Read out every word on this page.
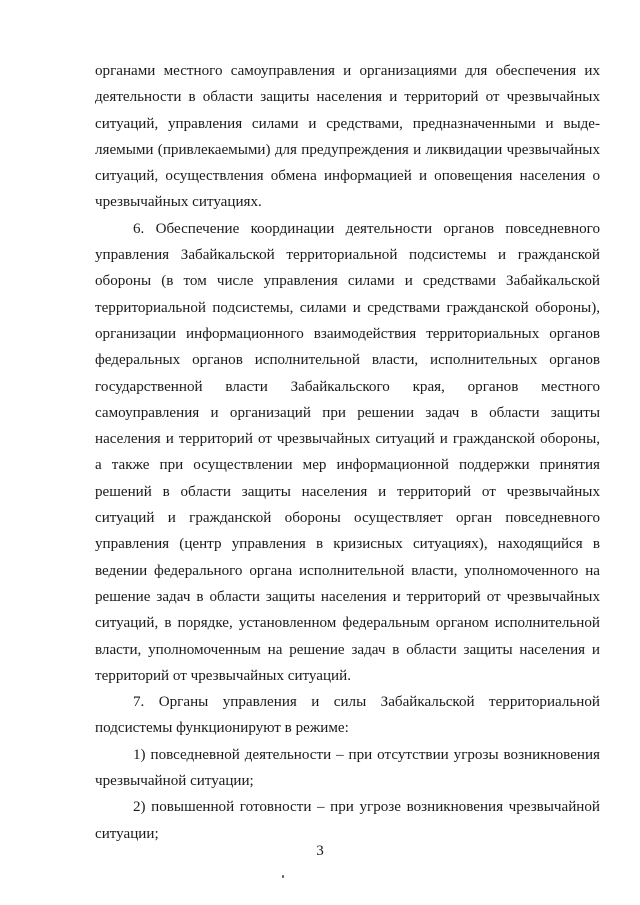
органами местного самоуправления и организациями для обеспечения их
деятельности в области защиты населения и территорий от чрезвычайных
ситуаций, управления силами и средствами, предназначенными и выде-
ляемыми (привлекаемыми) для предупреждения и ликвидации чрезвычайных
ситуаций, осуществления обмена информацией и оповещения населения о
чрезвычайных ситуациях.
6. Обеспечение координации деятельности органов повседневного
управления Забайкальской территориальной подсистемы и гражданской
обороны (в том числе управления силами и средствами Забайкальской
территориальной подсистемы, силами и средствами гражданской обороны),
организации информационного взаимодействия территориальных органов
федеральных органов исполнительной власти, исполнительных органов
государственной власти Забайкальского края, органов местного
самоуправления и организаций при решении задач в области защиты
населения и территорий от чрезвычайных ситуаций и гражданской обороны,
а также при осуществлении мер информационной поддержки принятия
решений в области защиты населения и территорий от чрезвычайных
ситуаций и гражданской обороны осуществляет орган повседневного
управления (центр управления в кризисных ситуациях), находящийся в
ведении федерального органа исполнительной власти, уполномоченного на
решение задач в области защиты населения и территорий от чрезвычайных
ситуаций, в порядке, установленном федеральным органом исполнительной
власти, уполномоченным на решение задач в области защиты населения и
территорий от чрезвычайных ситуаций.
7. Органы управления и силы Забайкальской территориальной
подсистемы функционируют в режиме:
1) повседневной деятельности – при отсутствии угрозы возникновения
чрезвычайной ситуации;
2) повышенной готовности – при угрозе возникновения чрезвычайной
ситуации;
3
